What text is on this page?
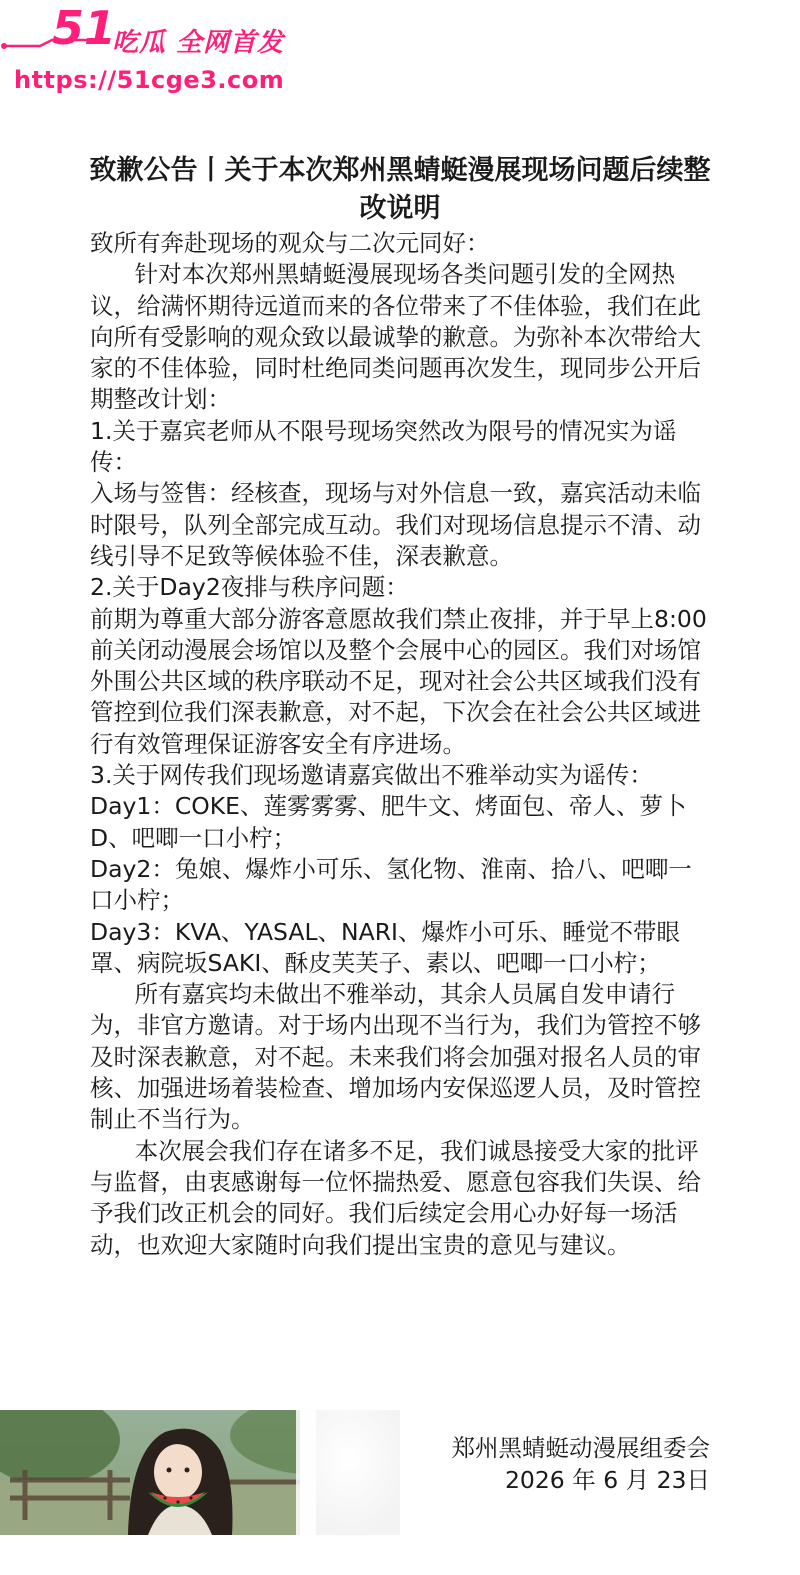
51
吃瓜 全网首发
https://51cge3.com
致歉公告丨关于本次郑州黑蜻蜓漫展现场问题后续整改说明

致所有奔赴现场的观众与二次元同好：

针对本次郑州黑蜻蜓漫展现场各类问题引发的全网热议，给满怀期待远道而来的各位带来了不佳体验，我们在此向所有受影响的观众致以最诚挚的歉意。为弥补本次带给大家的不佳体验，同时杜绝同类问题再次发生，现同步公开后期整改计划：

1.关于嘉宾老师从不限号现场突然改为限号的情况实为谣传：

入场与签售：经核查，现场与对外信息一致，嘉宾活动未临时限号，队列全部完成互动。我们对现场信息提示不清、动线引导不足致等候体验不佳，深表歉意。

2.关于Day2夜排与秩序问题：

前期为尊重大部分游客意愿故我们禁止夜排，并于早上8:00前关闭动漫展会场馆以及整个会展中心的园区。我们对场馆外围公共区域的秩序联动不足，现对社会公共区域我们没有管控到位我们深表歉意，对不起，下次会在社会公共区域进行有效管理保证游客安全有序进场。

3.关于网传我们现场邀请嘉宾做出不雅举动实为谣传：

Day1：COKE、莲雾雾雾、肥牛文、烤面包、帝人、萝卜D、吧唧一口小柠；

Day2：兔娘、爆炸小可乐、氢化物、淮南、拾八、吧唧一口小柠；

Day3：KVA、YASAL、NARI、爆炸小可乐、睡觉不带眼罩、病院坂SAKI、酥皮芙芙子、素以、吧唧一口小柠；

所有嘉宾均未做出不雅举动，其余人员属自发申请行为，非官方邀请。对于场内出现不当行为，我们为管控不够及时深表歉意，对不起。未来我们将会加强对报名人员的审核、加强进场着装检查、增加场内安保巡逻人员，及时管控制止不当行为。

本次展会我们存在诸多不足，我们诚恳接受大家的批评与监督，由衷感谢每一位怀揣热爱、愿意包容我们失误、给予我们改正机会的同好。我们后续定会用心办好每一场活动，也欢迎大家随时向我们提出宝贵的意见与建议。

郑州黑蜻蜓动漫展组委会
2026 年 6 月 23日
